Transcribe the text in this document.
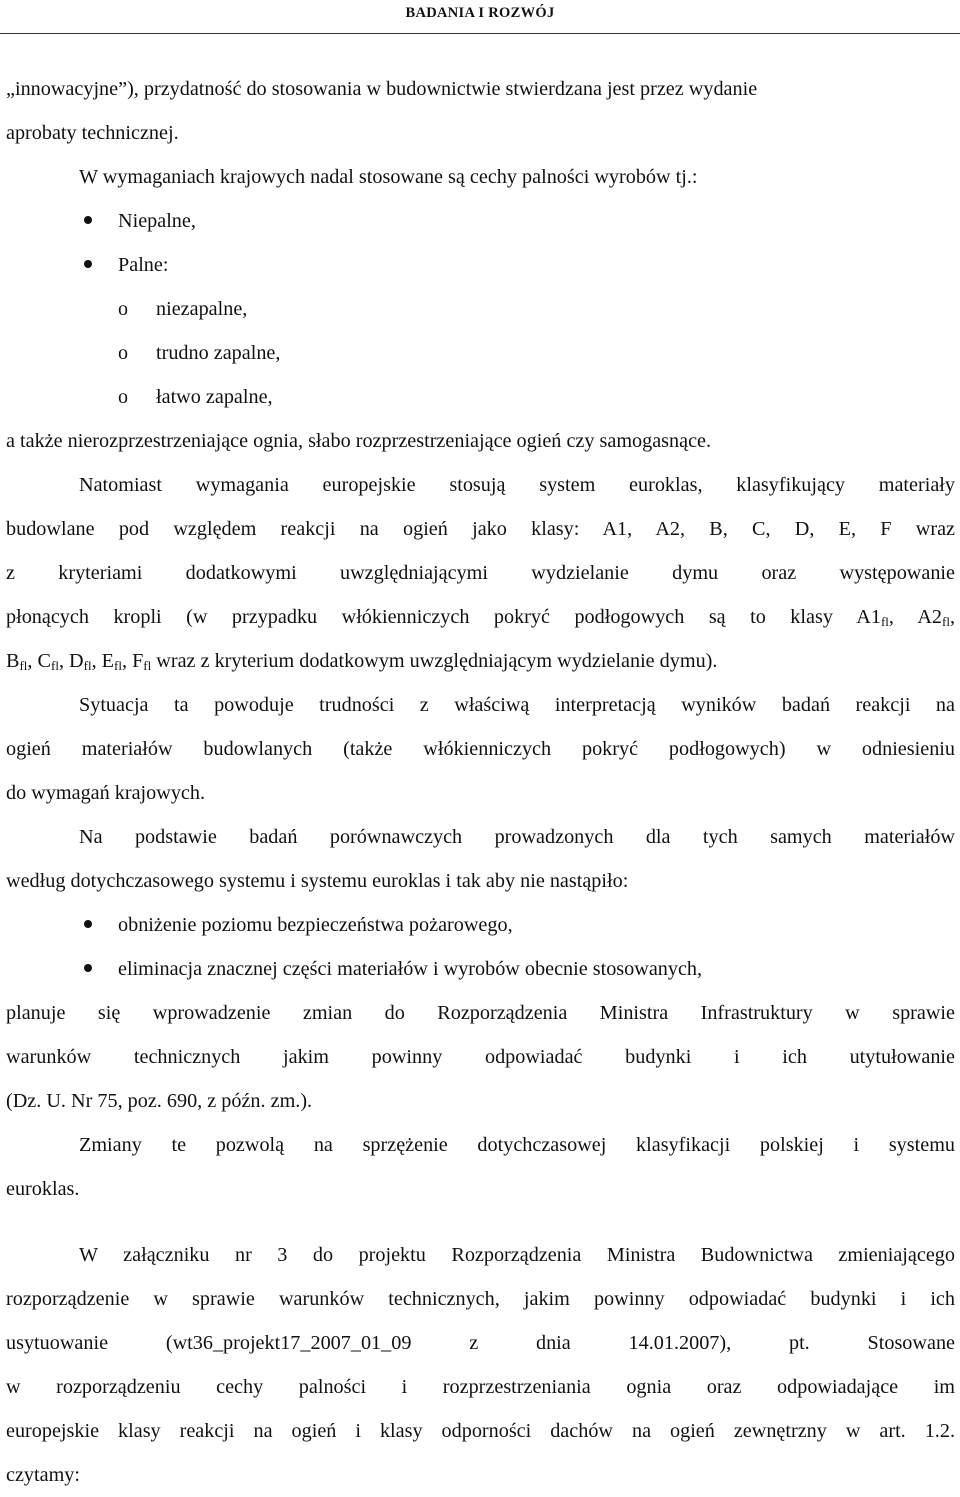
BADANIA I ROZWÓJ
„innowacyjne”), przydatność do stosowania w budownictwie stwierdzana jest przez wydanie
aprobaty technicznej.
W wymaganiach krajowych nadal stosowane są cechy palności wyrobów tj.:
Niepalne,
Palne:
o niezapalne,
o trudno zapalne,
o łatwo zapalne,
a także nierozprzestrzeniające ognia, słabo rozprzestrzeniające ogień czy samogasnące.
Natomiast wymagania europejskie stosują system euroklas, klasyfikujący materiały
budowlane pod względem reakcji na ogień jako klasy: A1, A2, B, C, D, E, F wraz
z kryteriami dodatkowymi uwzględniającymi wydzielanie dymu oraz występowanie
płonących kropli (w przypadku włókienniczych pokryć podłogowych są to klasy $A1_{fl}$, $A2_{fl}$,
$B_{fl}$, $C_{fl}$, $D_{fl}$, $E_{fl}$, $F_{fl}$ wraz z kryterium dodatkowym uwzględniającym wydzielanie dymu).
Sytuacja ta powoduje trudności z właściwą interpretacją wyników badań reakcji na
ogień materiałów budowlanych (także włókienniczych pokryć podłogowych) w odniesieniu
do wymagań krajowych.
Na podstawie badań porównawczych prowadzonych dla tych samych materiałów
według dotychczasowego systemu i systemu euroklas i tak aby nie nastąpiło:
obniżenie poziomu bezpieczeństwa pożarowego,
eliminacja znacznej części materiałów i wyrobów obecnie stosowanych,
planuje się wprowadzenie zmian do Rozporządzenia Ministra Infrastruktury w sprawie
warunków technicznych jakim powinny odpowiadać budynki i ich utytułowanie
(Dz. U. Nr 75, poz. 690, z późn. zm.).
Zmiany te pozwolą na sprzężenie dotychczasowej klasyfikacji polskiej i systemu
euroklas.
W załączniku nr 3 do projektu Rozporządzenia Ministra Budownictwa zmieniającego
rozporządzenie w sprawie warunków technicznych, jakim powinny odpowiadać budynki i ich
usytuowanie (wt36_projekt17_2007_01_09 z dnia 14.01.2007), pt. Stosowane
w rozporządzeniu cechy palności i rozprzestrzeniania ognia oraz odpowiadające im
europejskie klasy reakcji na ogień i klasy odporności dachów na ogień zewnętrzny w art. 1.2.
czytamy:
